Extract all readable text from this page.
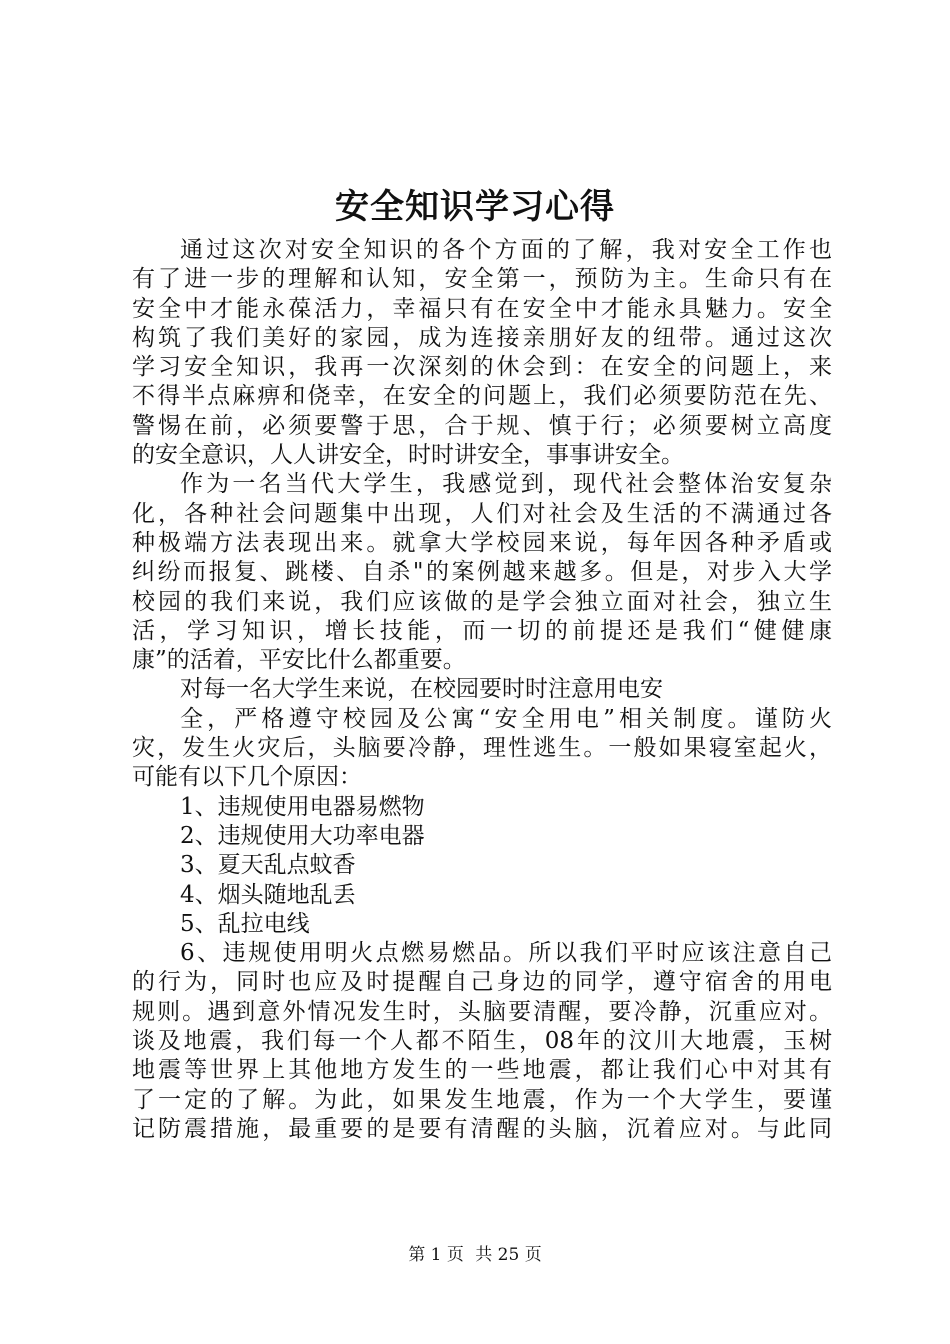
安全知识学习心得
通过这次对安全知识的各个方面的了解，我对安全工作也
有了进一步的理解和认知，安全第一，预防为主。生命只有在
安全中才能永葆活力，幸福只有在安全中才能永具魅力。安全
构筑了我们美好的家园，成为连接亲朋好友的纽带。通过这次
学习安全知识，我再一次深刻的休会到：在安全的问题上，来
不得半点麻痹和侥幸，在安全的问题上，我们必须要防范在先、
警惕在前，必须要警于思，合于规、慎于行；必须要树立高度
的安全意识，人人讲安全，时时讲安全，事事讲安全。
作为一名当代大学生，我感觉到，现代社会整体治安复杂
化，各种社会问题集中出现，人们对社会及生活的不满通过各
种极端方法表现出来。就拿大学校园来说，每年因各种矛盾或
纠纷而报复、跳楼、自杀"的案例越来越多。但是，对步入大学
校园的我们来说，我们应该做的是学会独立面对社会，独立生
活，学习知识，增长技能，而一切的前提还是我们“健健康
康”的活着，平安比什么都重要。
对每一名大学生来说，在校园要时时注意用电安
全，严格遵守校园及公寓“安全用电”相关制度。谨防火
灾，发生火灾后，头脑要冷静，理性逃生。一般如果寝室起火，
可能有以下几个原因：
1、违规使用电器易燃物
2、违规使用大功率电器
3、夏天乱点蚊香
4、烟头随地乱丢
5、乱拉电线
6、违规使用明火点燃易燃品。所以我们平时应该注意自己
的行为，同时也应及时提醒自己身边的同学，遵守宿舍的用电
规则。遇到意外情况发生时，头脑要清醒，要冷静，沉重应对。
谈及地震，我们每一个人都不陌生，08年的汶川大地震，玉树
地震等世界上其他地方发生的一些地震，都让我们心中对其有
了一定的了解。为此，如果发生地震，作为一个大学生，要谨
记防震措施，最重要的是要有清醒的头脑，沉着应对。与此同
第 1 页 共 25 页
